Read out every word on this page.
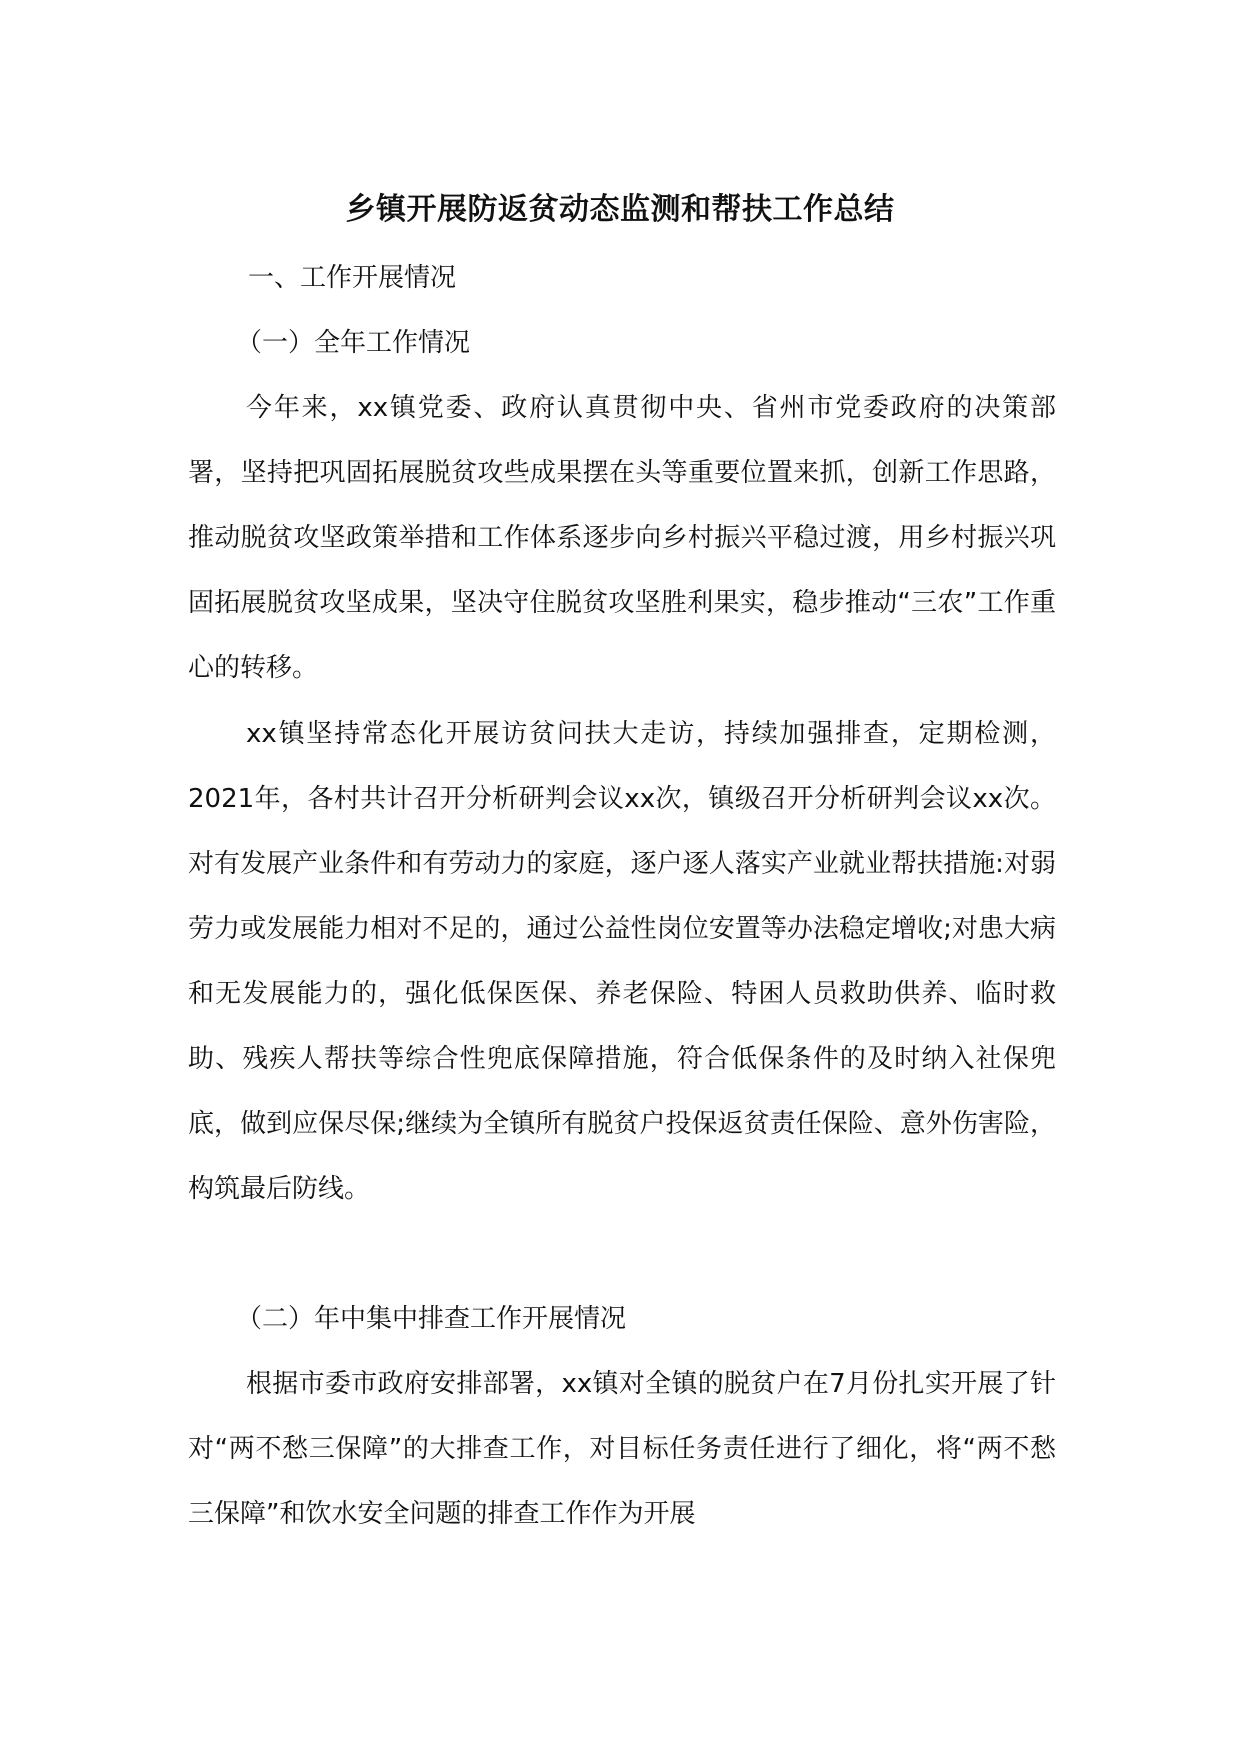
乡镇开展防返贫动态监测和帮扶工作总结

一、工作开展情况

（一）全年工作情况

今年来，xx镇党委、政府认真贯彻中央、省州市党委政府的决策部署，坚持把巩固拓展脱贫攻些成果摆在头等重要位置来抓，创新工作思路，推动脱贫攻坚政策举措和工作体系逐步向乡村振兴平稳过渡，用乡村振兴巩固拓展脱贫攻坚成果，坚决守住脱贫攻坚胜利果实，稳步推动“三农”工作重心的转移。

xx镇坚持常态化开展访贫问扶大走访，持续加强排查，定期检测，2021年，各村共计召开分析研判会议xx次，镇级召开分析研判会议xx次。对有发展产业条件和有劳动力的家庭，逐户逐人落实产业就业帮扶措施:对弱劳力或发展能力相对不足的，通过公益性岗位安置等办法稳定增收;对患大病和无发展能力的，强化低保医保、养老保险、特困人员救助供养、临时救助、残疾人帮扶等综合性兜底保障措施，符合低保条件的及时纳入社保兜底，做到应保尽保;继续为全镇所有脱贫户投保返贫责任保险、意外伤害险，构筑最后防线。

（二）年中集中排查工作开展情况

根据市委市政府安排部署，xx镇对全镇的脱贫户在7月份扎实开展了针对“两不愁三保障”的大排查工作，对目标任务责任进行了细化，将“两不愁三保障”和饮水安全问题的排查工作作为开展
